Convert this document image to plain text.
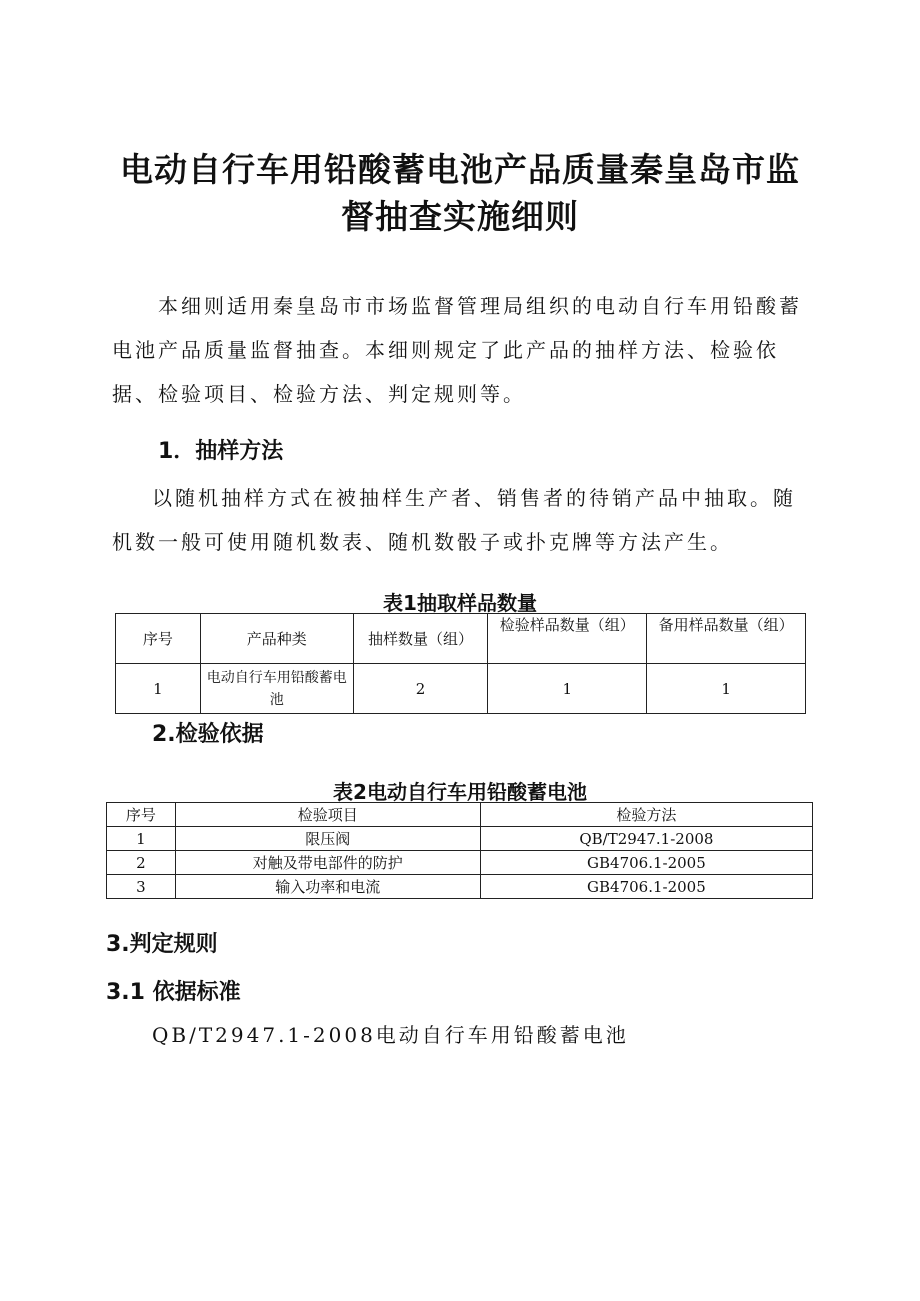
电动自行车用铅酸蓄电池产品质量秦皇岛市监
督抽查实施细则
本细则适用秦皇岛市市场监督管理局组织的电动自行车用铅酸蓄
电池产品质量监督抽查。本细则规定了此产品的抽样方法、检验依
据、检验项目、检验方法、判定规则等。
1．抽样方法
以随机抽样方式在被抽样生产者、销售者的待销产品中抽取。随
机数一般可使用随机数表、随机数骰子或扑克牌等方法产生。
表1抽取样品数量
序号	产品种类	抽样数量（组）	检验样品数量（组）	备用样品数量（组）
1	电动自行车用铅酸蓄电池	2	1	1
2.检验依据
表2电动自行车用铅酸蓄电池
序号	检验项目	检验方法
1	限压阀	QB/T2947.1-2008
2	对触及带电部件的防护	GB4706.1-2005
3	输入功率和电流	GB4706.1-2005
3.判定规则
3.1 依据标准
QB/T2947.1-2008电动自行车用铅酸蓄电池
